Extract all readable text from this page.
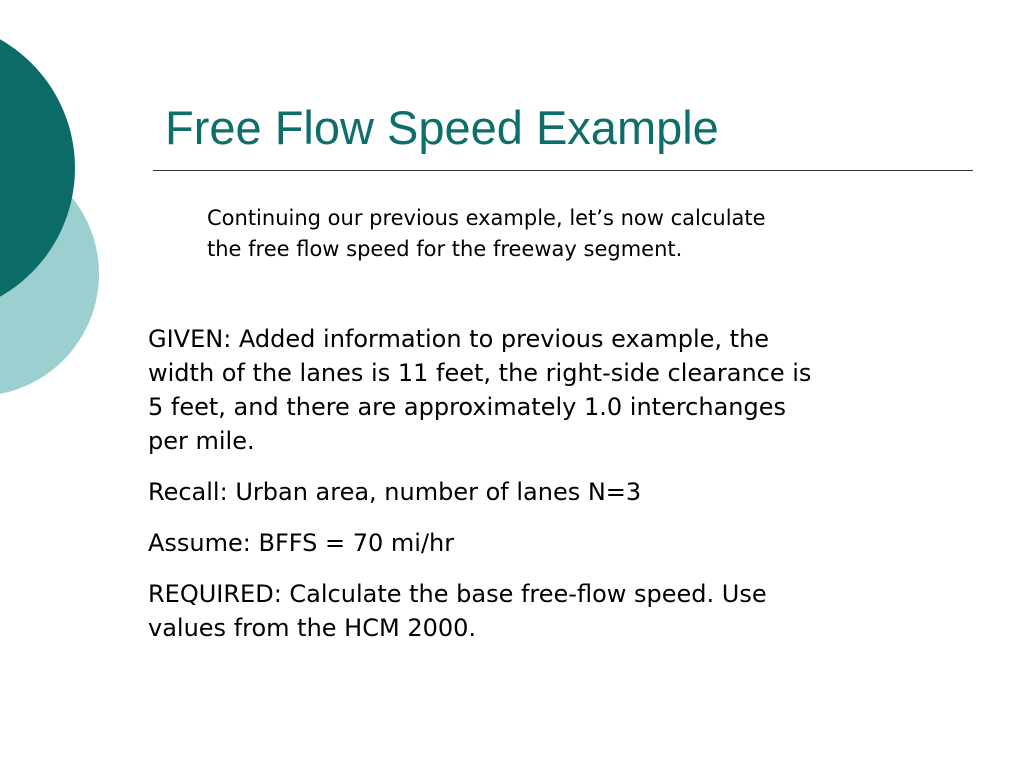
Free Flow Speed Example

Continuing our previous example, let’s now calculate
the free flow speed for the freeway segment.

GIVEN: Added information to previous example, the
width of the lanes is 11 feet, the right-side clearance is
5 feet, and there are approximately 1.0 interchanges
per mile.

Recall: Urban area, number of lanes N=3

Assume: BFFS = 70 mi/hr

REQUIRED: Calculate the base free-flow speed. Use
values from the HCM 2000.
